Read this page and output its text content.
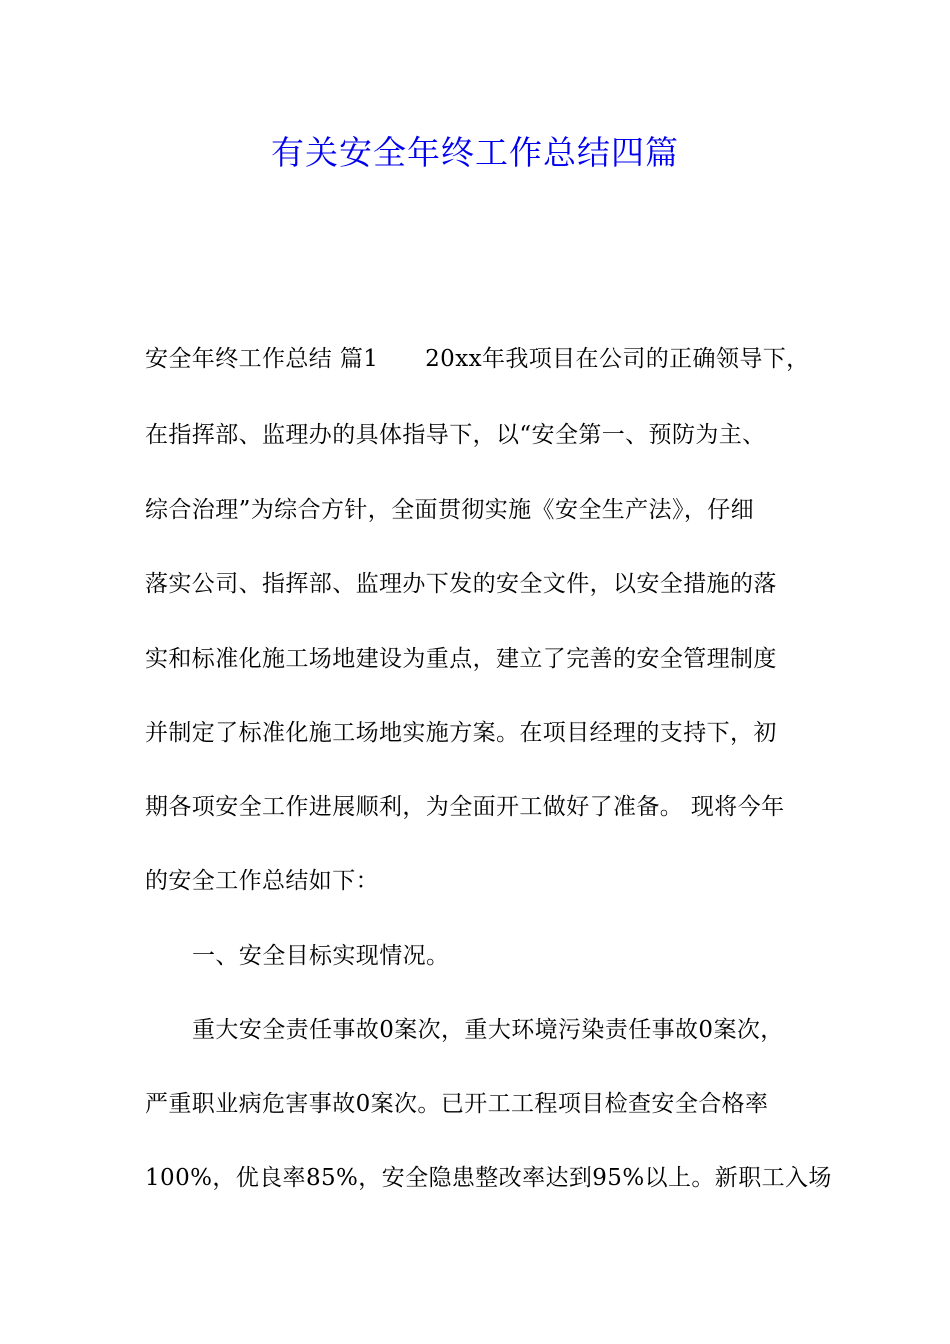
有关安全年终工作总结四篇
安全年终工作总结 篇1　　20xx年我项目在公司的正确领导下，
在指挥部、监理办的具体指导下，以“安全第一、预防为主、
综合治理”为综合方针，全面贯彻实施《安全生产法》，仔细
落实公司、指挥部、监理办下发的安全文件，以安全措施的落
实和标准化施工场地建设为重点，建立了完善的安全管理制度
并制定了标准化施工场地实施方案。在项目经理的支持下，初
期各项安全工作进展顺利，为全面开工做好了准备。 现将今年
的安全工作总结如下：
一、安全目标实现情况。
重大安全责任事故0案次，重大环境污染责任事故0案次，
严重职业病危害事故0案次。已开工工程项目检查安全合格率
100%，优良率85%，安全隐患整改率达到95%以上。新职工入场
